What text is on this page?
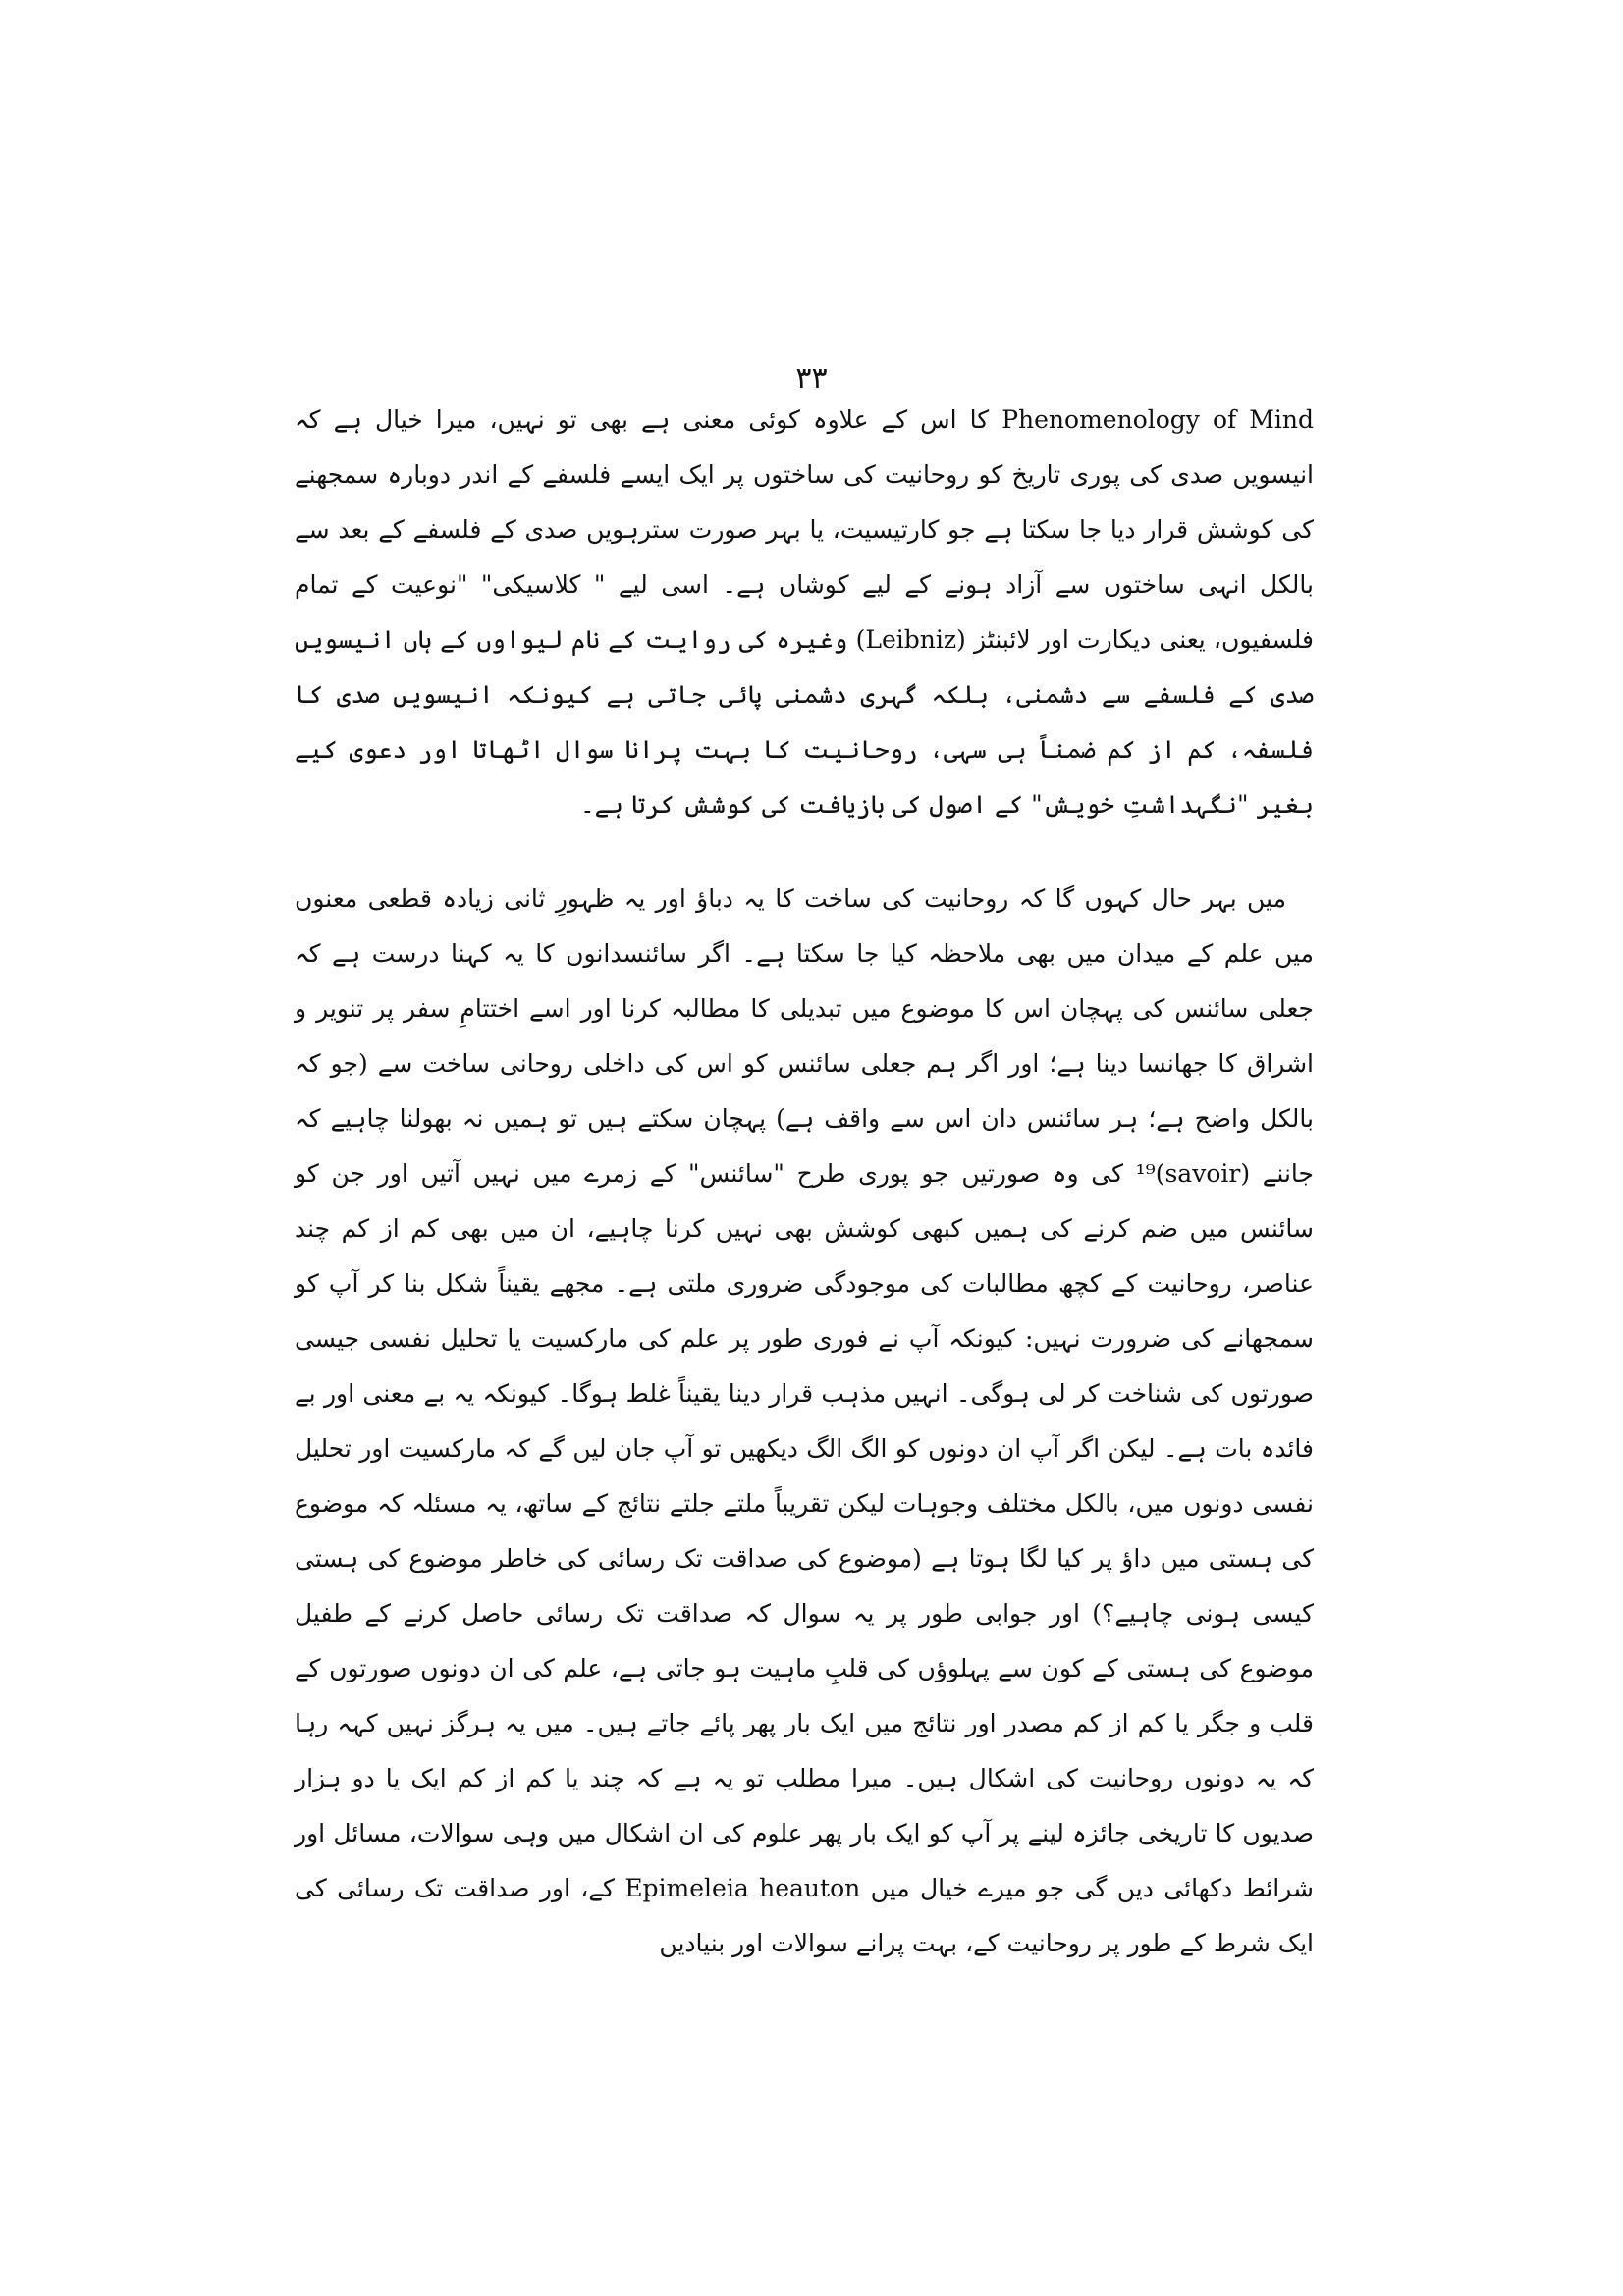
۳۳

Phenomenology of Mind کا اس کے علاوہ کوئی معنی ہے بھی تو نہیں، میرا خیال ہے کہ انیسویں صدی کی پوری تاریخ کو روحانیت کی ساختوں پر ایک ایسے فلسفے کے اندر دوبارہ سمجھنے کی کوشش قرار دیا جا سکتا ہے جو کارتیسیت، یا بہر صورت سترہویں صدی کے فلسفے کے بعد سے بالکل انہی ساختوں سے آزاد ہونے کے لیے کوشاں ہے۔ اسی لیے " کلاسیکی" "نوعیت کے تمام فلسفیوں، یعنی دیکارت اور لائبنٹز (Leibniz) وغیرہ کی روایت کے نام لیواوں کے ہاں انیسویں صدی کے فلسفے سے دشمنی، بلکہ گہری دشمنی پائی جاتی ہے کیونکہ انیسویں صدی کا فلسفہ، کم از کم ضمناً ہی سہی، روحانیت کا بہت پرانا سوال اٹھاتا اور دعوی کیے بغیر "نگہداشتِ خویش" کے اصول کی بازیافت کی کوشش کرتا ہے۔

میں بہر حال کہوں گا کہ روحانیت کی ساخت کا یہ دباؤ اور یہ ظہورِ ثانی زیادہ قطعی معنوں میں علم کے میدان میں بھی ملاحظہ کیا جا سکتا ہے۔ اگر سائنسدانوں کا یہ کہنا درست ہے کہ جعلی سائنس کی پہچان اس کا موضوع میں تبدیلی کا مطالبہ کرنا اور اسے اختتامِ سفر پر تنویر و اشراق کا جھانسا دینا ہے؛ اور اگر ہم جعلی سائنس کو اس کی داخلی روحانی ساخت سے (جو کہ بالکل واضح ہے؛ ہر سائنس دان اس سے واقف ہے) پہچان سکتے ہیں تو ہمیں نہ بھولنا چاہیے کہ جاننے (savoir)¹⁹ کی وہ صورتیں جو پوری طرح "سائنس" کے زمرے میں نہیں آتیں اور جن کو سائنس میں ضم کرنے کی ہمیں کبھی کوشش بھی نہیں کرنا چاہیے، ان میں بھی کم از کم چند عناصر، روحانیت کے کچھ مطالبات کی موجودگی ضروری ملتی ہے۔ مجھے یقیناً شکل بنا کر آپ کو سمجھانے کی ضرورت نہیں: کیونکہ آپ نے فوری طور پر علم کی مارکسیت یا تحلیل نفسی جیسی صورتوں کی شناخت کر لی ہوگی۔ انہیں مذہب قرار دینا یقیناً غلط ہوگا۔ کیونکہ یہ بے معنی اور بے فائدہ بات ہے۔ لیکن اگر آپ ان دونوں کو الگ الگ دیکھیں تو آپ جان لیں گے کہ مارکسیت اور تحلیل نفسی دونوں میں، بالکل مختلف وجوہات لیکن تقریباً ملتے جلتے نتائج کے ساتھ، یہ مسئلہ کہ موضوع کی ہستی میں داؤ پر کیا لگا ہوتا ہے (موضوع کی صداقت تک رسائی کی خاطر موضوع کی ہستی کیسی ہونی چاہیے؟) اور جوابی طور پر یہ سوال کہ صداقت تک رسائی حاصل کرنے کے طفیل موضوع کی ہستی کے کون سے پہلوؤں کی قلبِ ماہیت ہو جاتی ہے، علم کی ان دونوں صورتوں کے قلب و جگر یا کم از کم مصدر اور نتائج میں ایک بار پھر پائے جاتے ہیں۔ میں یہ ہرگز نہیں کہہ رہا کہ یہ دونوں روحانیت کی اشکال ہیں۔ میرا مطلب تو یہ ہے کہ چند یا کم از کم ایک یا دو ہزار صدیوں کا تاریخی جائزہ لینے پر آپ کو ایک بار پھر علوم کی ان اشکال میں وہی سوالات، مسائل اور شرائط دکھائی دیں گی جو میرے خیال میں Epimeleia heauton کے، اور صداقت تک رسائی کی ایک شرط کے طور پر روحانیت کے، بہت پرانے سوالات اور بنیادیں
